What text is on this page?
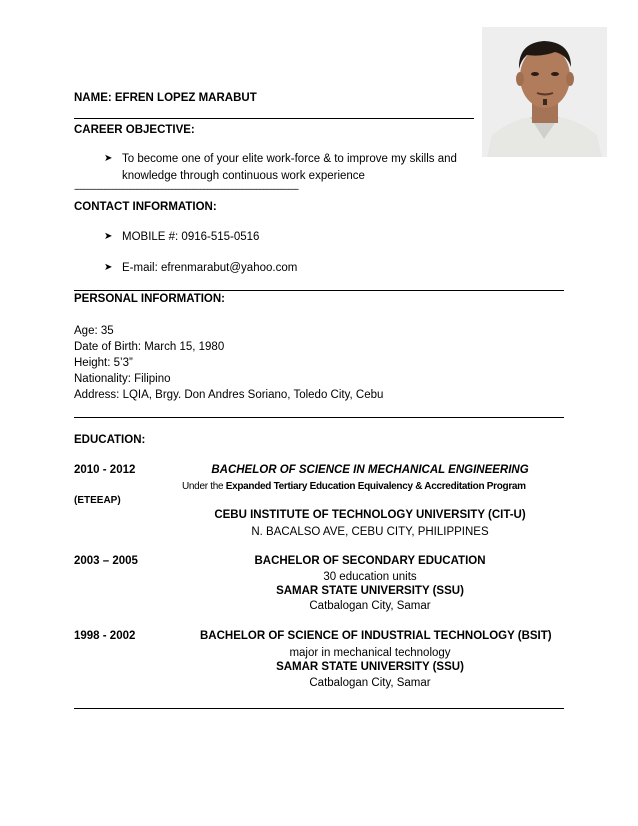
NAME: EFREN LOPEZ MARABUT
CAREER OBJECTIVE:
➤ To become one of your elite work-force & to improve my skills and
knowledge through continuous work experience
----------------------------------------------------------------------------------------------------------------------------------------------------------------
CONTACT INFORMATION:
➤ MOBILE #: 0916-515-0516
➤ E-mail: efrenmarabut@yahoo.com
PERSONAL INFORMATION:
Age: 35
Date of Birth: March 15, 1980
Height: 5’3”
Nationality: Filipino
Address: LQIA, Brgy. Don Andres Soriano, Toledo City, Cebu
EDUCATION:
2010 - 2012	BACHELOR OF SCIENCE IN MECHANICAL ENGINEERING
Under the Expanded Tertiary Education Equivalency & Accreditation Program
(ETEEAP)
CEBU INSTITUTE OF TECHNOLOGY UNIVERSITY (CIT-U)
N. BACALSO AVE, CEBU CITY, PHILIPPINES
2003 – 2005	BACHELOR OF SECONDARY EDUCATION
30 education units
SAMAR STATE UNIVERSITY (SSU)
Catbalogan City, Samar
1998 - 2002	BACHELOR OF SCIENCE OF INDUSTRIAL TECHNOLOGY (BSIT)
major in mechanical technology
SAMAR STATE UNIVERSITY (SSU)
Catbalogan City, Samar
